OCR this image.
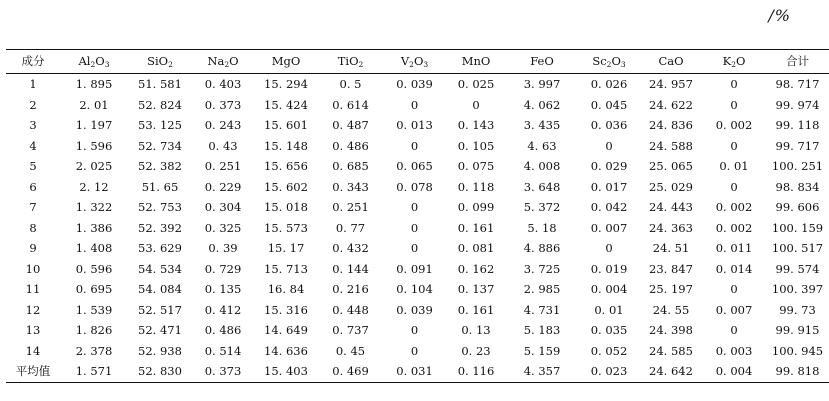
/%
成分	$Al_2O_3$	SiO$_2$	$Na_2O$	MgO	TiO$_2$	$V_2O_3$	MnO	FeO	$Sc_2O_3$	CaO	$K_2O$	合计
1	1. 895	51. 581	0. 403	15. 294	0. 5	0. 039	0. 025	3. 997	0. 026	24. 957	0	98. 717
2	2. 01	52. 824	0. 373	15. 424	0. 614	0	0	4. 062	0. 045	24. 622	0	99. 974
3	1. 197	53. 125	0. 243	15. 601	0. 487	0. 013	0. 143	3. 435	0. 036	24. 836	0. 002	99. 118
4	1. 596	52. 734	0. 43	15. 148	0. 486	0	0. 105	4. 63	0	24. 588	0	99. 717
5	2. 025	52. 382	0. 251	15. 656	0. 685	0. 065	0. 075	4. 008	0. 029	25. 065	0. 01	100. 251
6	2. 12	51. 65	0. 229	15. 602	0. 343	0. 078	0. 118	3. 648	0. 017	25. 029	0	98. 834
7	1. 322	52. 753	0. 304	15. 018	0. 251	0	0. 099	5. 372	0. 042	24. 443	0. 002	99. 606
8	1. 386	52. 392	0. 325	15. 573	0. 77	0	0. 161	5. 18	0. 007	24. 363	0. 002	100. 159
9	1. 408	53. 629	0. 39	15. 17	0. 432	0	0. 081	4. 886	0	24. 51	0. 011	100. 517
10	0. 596	54. 534	0. 729	15. 713	0. 144	0. 091	0. 162	3. 725	0. 019	23. 847	0. 014	99. 574
11	0. 695	54. 084	0. 135	16. 84	0. 216	0. 104	0. 137	2. 985	0. 004	25. 197	0	100. 397
12	1. 539	52. 517	0. 412	15. 316	0. 448	0. 039	0. 161	4. 731	0. 01	24. 55	0. 007	99. 73
13	1. 826	52. 471	0. 486	14. 649	0. 737	0	0. 13	5. 183	0. 035	24. 398	0	99. 915
14	2. 378	52. 938	0. 514	14. 636	0. 45	0	0. 23	5. 159	0. 052	24. 585	0. 003	100. 945
平均值	1. 571	52. 830	0. 373	15. 403	0. 469	0. 031	0. 116	4. 357	0. 023	24. 642	0. 004	99. 818
